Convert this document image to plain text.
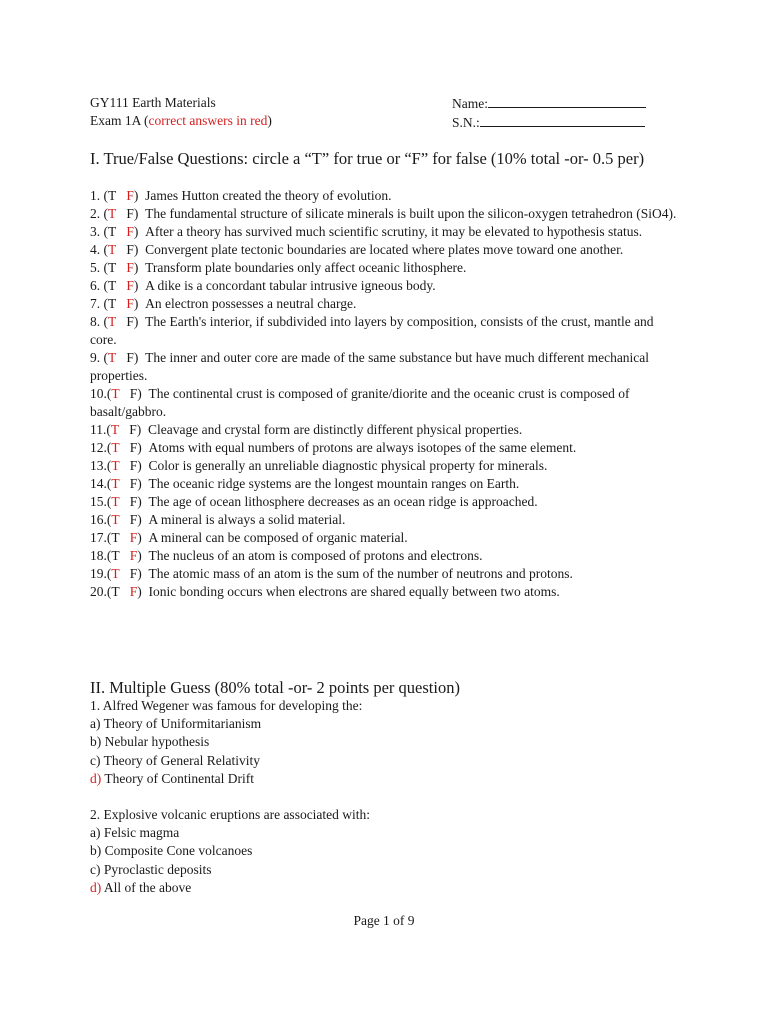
GY111 Earth Materials
Exam 1A (correct answers in red)
Name:
S.N.:
I. True/False Questions: circle a “T” for true or “F” for false (10% total -or- 0.5 per)

1. (T F)  James Hutton created the theory of evolution.

2. (T F)  The fundamental structure of silicate minerals is built upon the silicon-oxygen tetrahedron (SiO4).

3. (T F)  After a theory has survived much scientific scrutiny, it may be elevated to hypothesis status.

4. (T F)  Convergent plate tectonic boundaries are located where plates move toward one another.

5. (T F)  Transform plate boundaries only affect oceanic lithosphere.

6. (T F)  A dike is a concordant tabular intrusive igneous body.

7. (T F)  An electron possesses a neutral charge.

8. (T F)  The Earth's interior, if subdivided into layers by composition, consists of the crust, mantle and core.

9. (T F)  The inner and outer core are made of the same substance but have much different mechanical properties.

10.(T F)  The continental crust is composed of granite/diorite and the oceanic crust is composed of basalt/gabbro.

11.(T F)  Cleavage and crystal form are distinctly different physical properties.

12.(T F)  Atoms with equal numbers of protons are always isotopes of the same element.

13.(T F)  Color is generally an unreliable diagnostic physical property for minerals.

14.(T F)  The oceanic ridge systems are the longest mountain ranges on Earth.

15.(T F)  The age of ocean lithosphere decreases as an ocean ridge is approached.

16.(T F)  A mineral is always a solid material.

17.(T F)  A mineral can be composed of organic material.

18.(T F)  The nucleus of an atom is composed of protons and electrons.

19.(T F)  The atomic mass of an atom is the sum of the number of neutrons and protons.

20.(T F)  Ionic bonding occurs when electrons are shared equally between two atoms.

II. Multiple Guess (80% total -or- 2 points per question)

1. Alfred Wegener was famous for developing the:

a) Theory of Uniformitarianism

b) Nebular hypothesis

c) Theory of General Relativity

d) Theory of Continental Drift

2. Explosive volcanic eruptions are associated with:

a) Felsic magma

b) Composite Cone volcanoes

c) Pyroclastic deposits

d) All of the above

Page 1 of 9
